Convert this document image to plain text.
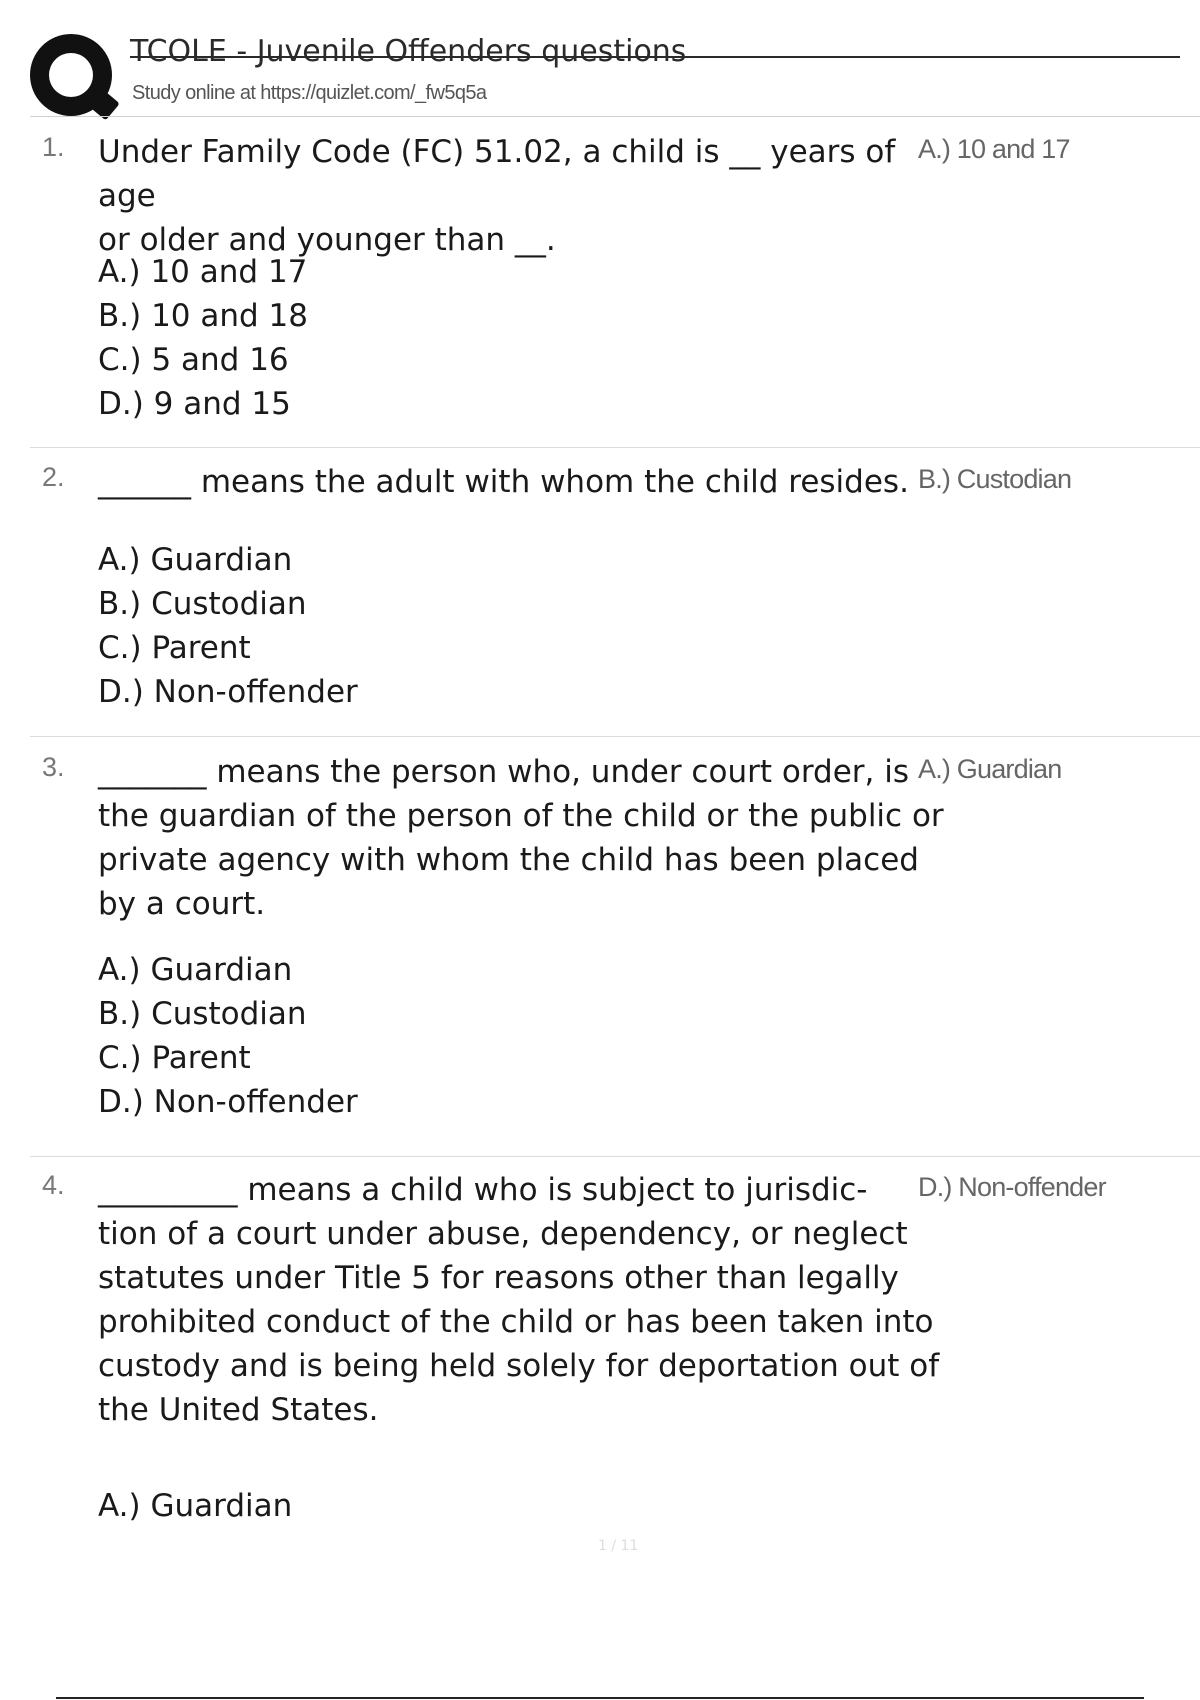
TCOLE - Juvenile Offenders questions
Study online at https://quizlet.com/_fw5q5a
1. Under Family Code (FC) 51.02, a child is __ years of age
or older and younger than __.
A.) 10 and 17
A.) 10 and 17
B.) 10 and 18
C.) 5 and 16
D.) 9 and 15
2. ______ means the adult with whom the child resides. B.) Custodian
A.) Guardian
B.) Custodian
C.) Parent
D.) Non-offender
3. _______ means the person who, under court order, is
the guardian of the person of the child or the public or
private agency with whom the child has been placed
by a court.
A.) Guardian
A.) Guardian
B.) Custodian
C.) Parent
D.) Non-offender
4. _________ means a child who is subject to jurisdic-
tion of a court under abuse, dependency, or neglect
statutes under Title 5 for reasons other than legally
prohibited conduct of the child or has been taken into
custody and is being held solely for deportation out of
the United States.
D.) Non-offender
A.) Guardian
1 / 11
